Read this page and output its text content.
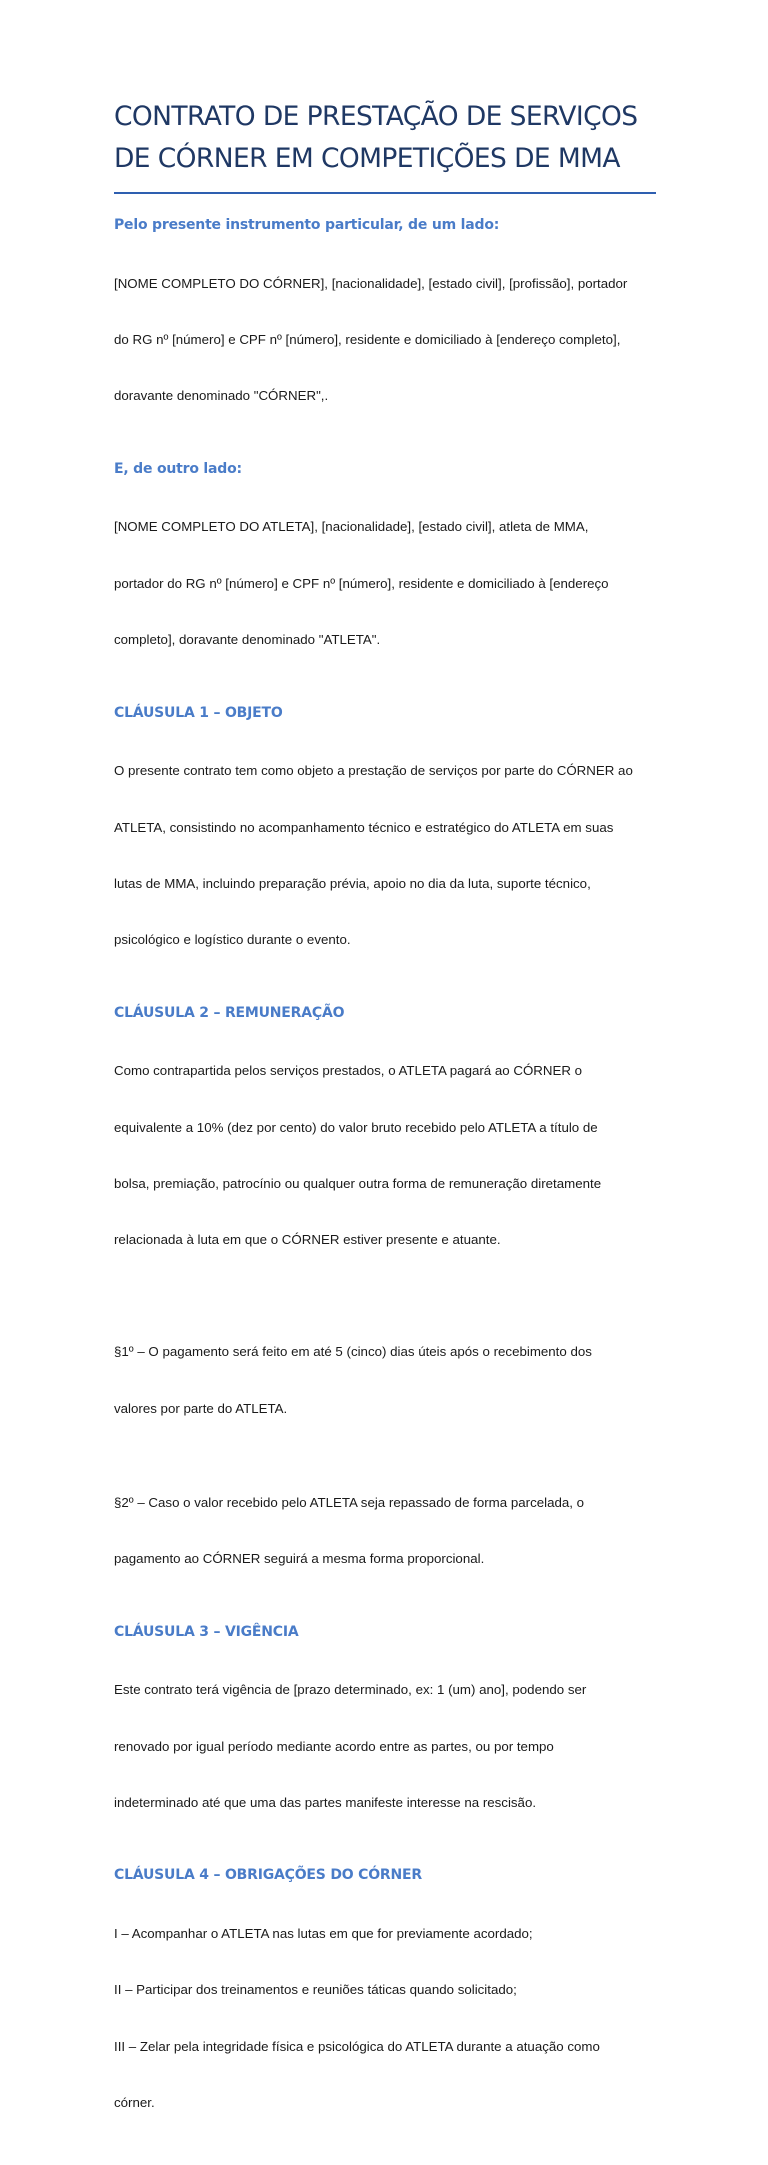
CONTRATO DE PRESTAÇÃO DE SERVIÇOS
DE CÓRNER EM COMPETIÇÕES DE MMA
Pelo presente instrumento particular, de um lado:

[NOME COMPLETO DO CÓRNER], [nacionalidade], [estado civil], [profissão], portador

do RG nº [número] e CPF nº [número], residente e domiciliado à [endereço completo],

doravante denominado "CÓRNER",.

E, de outro lado:

[NOME COMPLETO DO ATLETA], [nacionalidade], [estado civil], atleta de MMA,

portador do RG nº [número] e CPF nº [número], residente e domiciliado à [endereço

completo], doravante denominado "ATLETA".

CLÁUSULA 1 – OBJETO

O presente contrato tem como objeto a prestação de serviços por parte do CÓRNER ao

ATLETA, consistindo no acompanhamento técnico e estratégico do ATLETA em suas

lutas de MMA, incluindo preparação prévia, apoio no dia da luta, suporte técnico,

psicológico e logístico durante o evento.

CLÁUSULA 2 – REMUNERAÇÃO

Como contrapartida pelos serviços prestados, o ATLETA pagará ao CÓRNER o

equivalente a 10% (dez por cento) do valor bruto recebido pelo ATLETA a título de

bolsa, premiação, patrocínio ou qualquer outra forma de remuneração diretamente

relacionada à luta em que o CÓRNER estiver presente e atuante.

§1º – O pagamento será feito em até 5 (cinco) dias úteis após o recebimento dos

valores por parte do ATLETA.

§2º – Caso o valor recebido pelo ATLETA seja repassado de forma parcelada, o

pagamento ao CÓRNER seguirá a mesma forma proporcional.

CLÁUSULA 3 – VIGÊNCIA

Este contrato terá vigência de [prazo determinado, ex: 1 (um) ano], podendo ser

renovado por igual período mediante acordo entre as partes, ou por tempo

indeterminado até que uma das partes manifeste interesse na rescisão.

CLÁUSULA 4 – OBRIGAÇÕES DO CÓRNER

I – Acompanhar o ATLETA nas lutas em que for previamente acordado;

II – Participar dos treinamentos e reuniões táticas quando solicitado;

III – Zelar pela integridade física e psicológica do ATLETA durante a atuação como

córner.
